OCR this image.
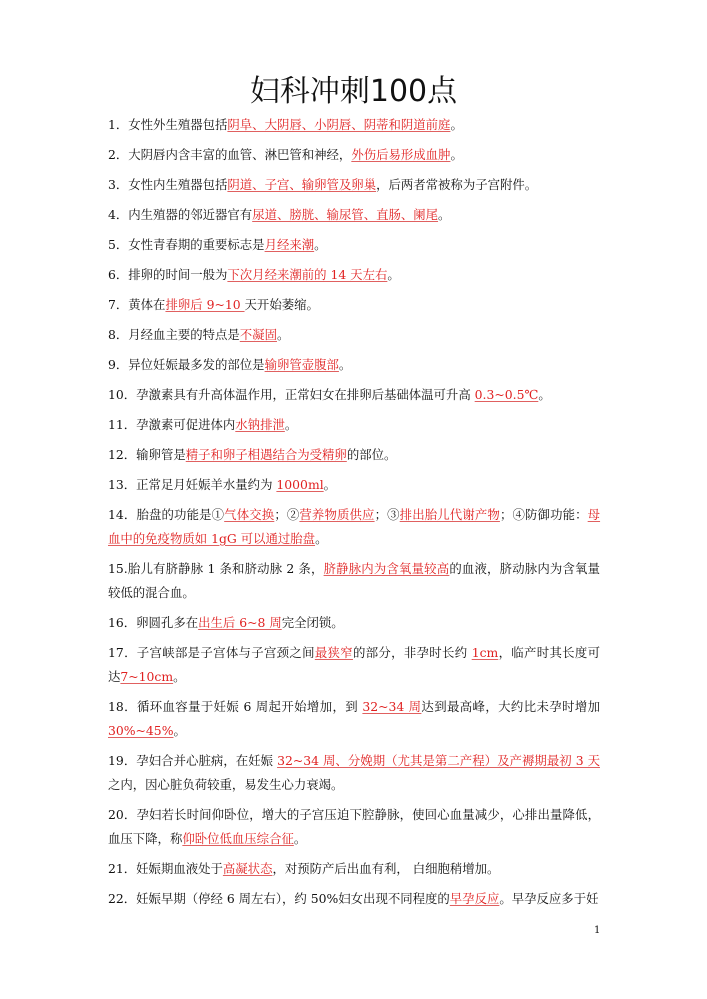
妇科冲刺100点

1．女性外生殖器包括阴阜、大阴唇、小阴唇、阴蒂和阴道前庭。

2．大阴唇内含丰富的血管、淋巴管和神经，外伤后易形成血肿。

3．女性内生殖器包括阴道、子宫、输卵管及卵巢，后两者常被称为子宫附件。

4．内生殖器的邻近器官有尿道、膀胱、输尿管、直肠、阑尾。

5．女性青春期的重要标志是月经来潮。

6．排卵的时间一般为下次月经来潮前的 14 天左右。

7．黄体在排卵后 9~10 天开始萎缩。

8．月经血主要的特点是不凝固。

9．异位妊娠最多发的部位是输卵管壶腹部。

10．孕激素具有升高体温作用，正常妇女在排卵后基础体温可升高 0.3~0.5℃。

11．孕激素可促进体内水钠排泄。

12．输卵管是精子和卵子相遇结合为受精卵的部位。

13．正常足月妊娠羊水量约为 1000ml。

14．胎盘的功能是①气体交换；②营养物质供应；③排出胎儿代谢产物；④防御功能：母血中的免疫物质如 1gG 可以通过胎盘。

15.胎儿有脐静脉 1 条和脐动脉 2 条，脐静脉内为含氧量较高的血液，脐动脉内为含氧量较低的混合血。

16．卵圆孔多在出生后 6~8 周完全闭锁。

17．子宫峡部是子宫体与子宫颈之间最狭窄的部分，非孕时长约 1cm，临产时其长度可达7~10cm。

18．循环血容量于妊娠 6 周起开始增加，到 32~34 周达到最高峰，大约比未孕时增加 30%~45%。

19．孕妇合并心脏病，在妊娠 32~34 周、分娩期（尤其是第二产程）及产褥期最初 3 天之内，因心脏负荷较重，易发生心力衰竭。

20．孕妇若长时间仰卧位，增大的子宫压迫下腔静脉，使回心血量减少，心排出量降低，血压下降，称仰卧位低血压综合征。

21．妊娠期血液处于高凝状态，对预防产后出血有利， 白细胞稍增加。

22．妊娠早期（停经 6 周左右），约 50%妇女出现不同程度的早孕反应。早孕反应多于妊

1
